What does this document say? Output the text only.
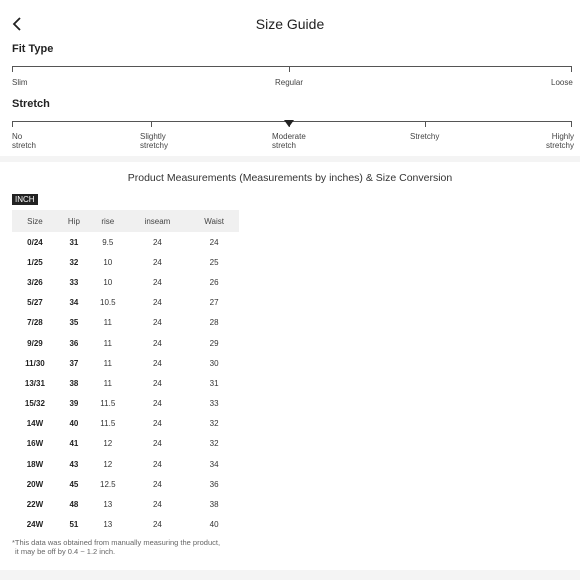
Size Guide
Fit Type
Slim	Regular	Loose
Stretch
No stretch
Slightly stretchy
Moderate stretch
Stretchy	Highly stretchy
Product Measurements (Measurements by inches) & Size Conversion
INCH
Size	Hip	rise	inseam	Waist
0/24	31	9.5	24	24
1/25	32	10	24	25
3/26	33	10	24	26
5/27	34	10.5	24	27
7/28	35	11	24	28
9/29	36	11	24	29
11/30	37	11	24	30
13/31	38	11	24	31
15/32	39	11.5	24	33
14W	40	11.5	24	32
16W	41	12	24	32
18W	43	12	24	34
20W	45	12.5	24	36
22W	48	13	24	38
24W	51	13	24	40
*This data was obtained from manually measuring the product,
it may be off by 0.4 ~ 1.2 inch.
